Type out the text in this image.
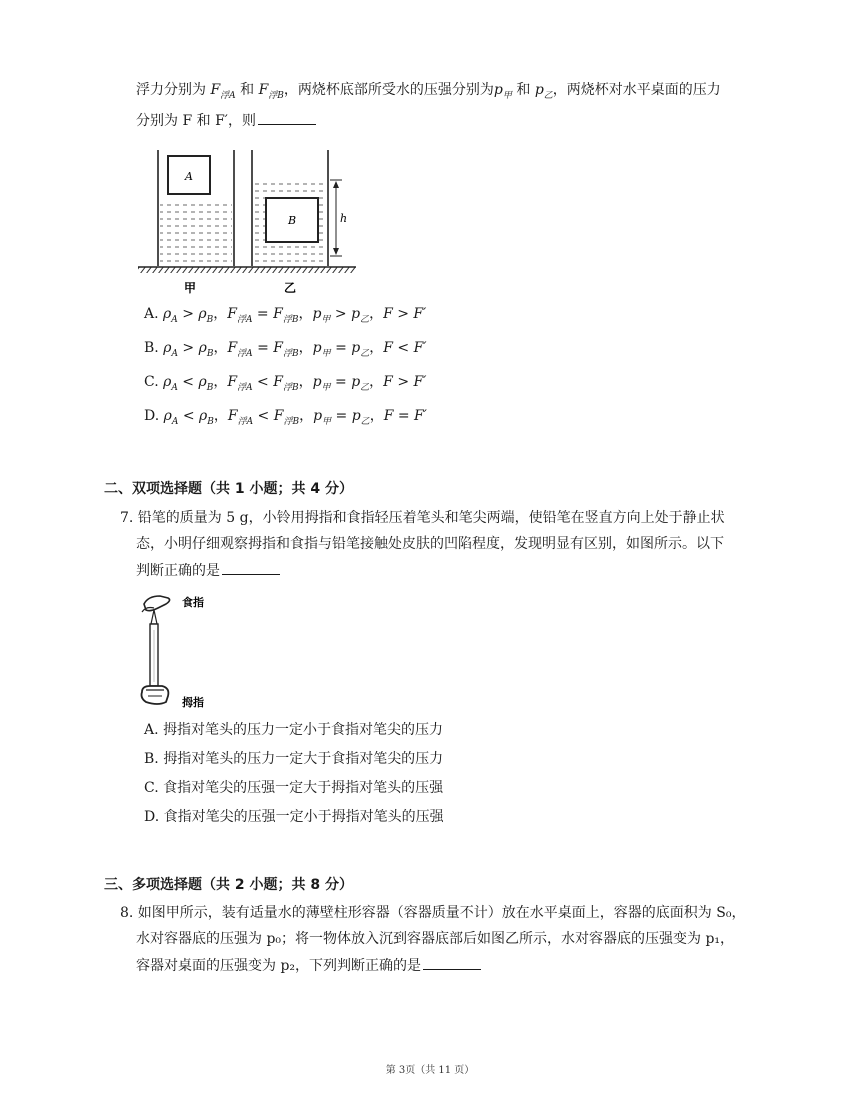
浮力分别为 $F_{浮A}$ 和 $F_{浮B}$，两烧杯底部所受水的压强分别为$p_甲$ 和 $p_乙$，两烧杯对水平桌面的压力
分别为 F 和 F′，则
A
B	h
甲	乙
A. $\rho_A > \rho_B$，$F_{浮A} = F_{浮B}$，$p_甲 > p_乙$，F > F′
B. $\rho_A > \rho_B$，$F_{浮A} = F_{浮B}$，$p_甲 = p_乙$，F < F′
C. $\rho_A < \rho_B$，$F_{浮A} < F_{浮B}$，$p_甲 = p_乙$，F > F′
D. $\rho_A < \rho_B$，$F_{浮A} < F_{浮B}$，$p_甲 = p_乙$，F = F′
二、双项选择题（共 1 小题；共 4 分）
7. 铅笔的质量为 5 g，小铃用拇指和食指轻压着笔头和笔尖两端，使铅笔在竖直方向上处于静止状
态，小明仔细观察拇指和食指与铅笔接触处皮肤的凹陷程度，发现明显有区别，如图所示。以下
判断正确的是
食指
拇指
A. 拇指对笔头的压力一定小于食指对笔尖的压力
B. 拇指对笔头的压力一定大于食指对笔尖的压力
C. 食指对笔尖的压强一定大于拇指对笔头的压强
D. 食指对笔尖的压强一定小于拇指对笔头的压强
三、多项选择题（共 2 小题；共 8 分）
8. 如图甲所示，装有适量水的薄壁柱形容器（容器质量不计）放在水平桌面上，容器的底面积为 S₀，
水对容器底的压强为 p₀；将一物体放入沉到容器底部后如图乙所示，水对容器底的压强变为 p₁，
容器对桌面的压强变为 p₂，下列判断正确的是
第 3页（共 11 页）
